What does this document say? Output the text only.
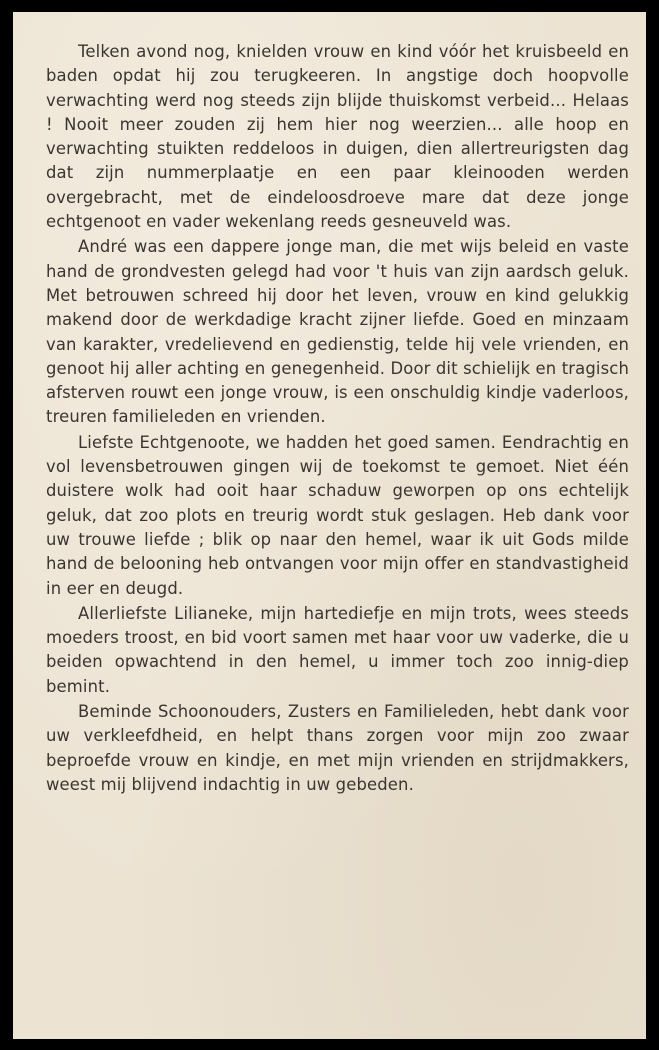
Telken avond nog, knielden vrouw en kind vóór het kruisbeeld en baden opdat hij zou terugkeeren. In angstige doch hoopvolle verwachting werd nog steeds zijn blijde thuiskomst verbeid... Helaas ! Nooit meer zouden zij hem hier nog weerzien... alle hoop en verwachting stuikten reddeloos in duigen, dien allertreurigsten dag dat zijn nummerplaatje en een paar kleinooden werden overgebracht, met de eindeloosdroeve mare dat deze jonge echtgenoot en vader wekenlang reeds gesneuveld was.

André was een dappere jonge man, die met wijs beleid en vaste hand de grondvesten gelegd had voor 't huis van zijn aardsch geluk. Met betrouwen schreed hij door het leven, vrouw en kind gelukkig makend door de werkdadige kracht zijner liefde. Goed en minzaam van karakter, vredelievend en gedienstig, telde hij vele vrienden, en genoot hij aller achting en genegenheid. Door dit schielijk en tragisch afsterven rouwt een jonge vrouw, is een onschuldig kindje vaderloos, treuren familieleden en vrienden.

Liefste Echtgenoote, we hadden het goed samen. Eendrachtig en vol levensbetrouwen gingen wij de toekomst te gemoet. Niet één duistere wolk had ooit haar schaduw geworpen op ons echtelijk geluk, dat zoo plots en treurig wordt stuk geslagen. Heb dank voor uw trouwe liefde ; blik op naar den hemel, waar ik uit Gods milde hand de belooning heb ontvangen voor mijn offer en standvastigheid in eer en deugd.

Allerliefste Lilianeke, mijn hartediefje en mijn trots, wees steeds moeders troost, en bid voort samen met haar voor uw vaderke, die u beiden opwachtend in den hemel, u immer toch zoo innig-diep bemint.

Beminde Schoonouders, Zusters en Familieleden, hebt dank voor uw verkleefdheid, en helpt thans zorgen voor mijn zoo zwaar beproefde vrouw en kindje, en met mijn vrienden en strijdmakkers, weest mij blijvend indachtig in uw gebeden.
